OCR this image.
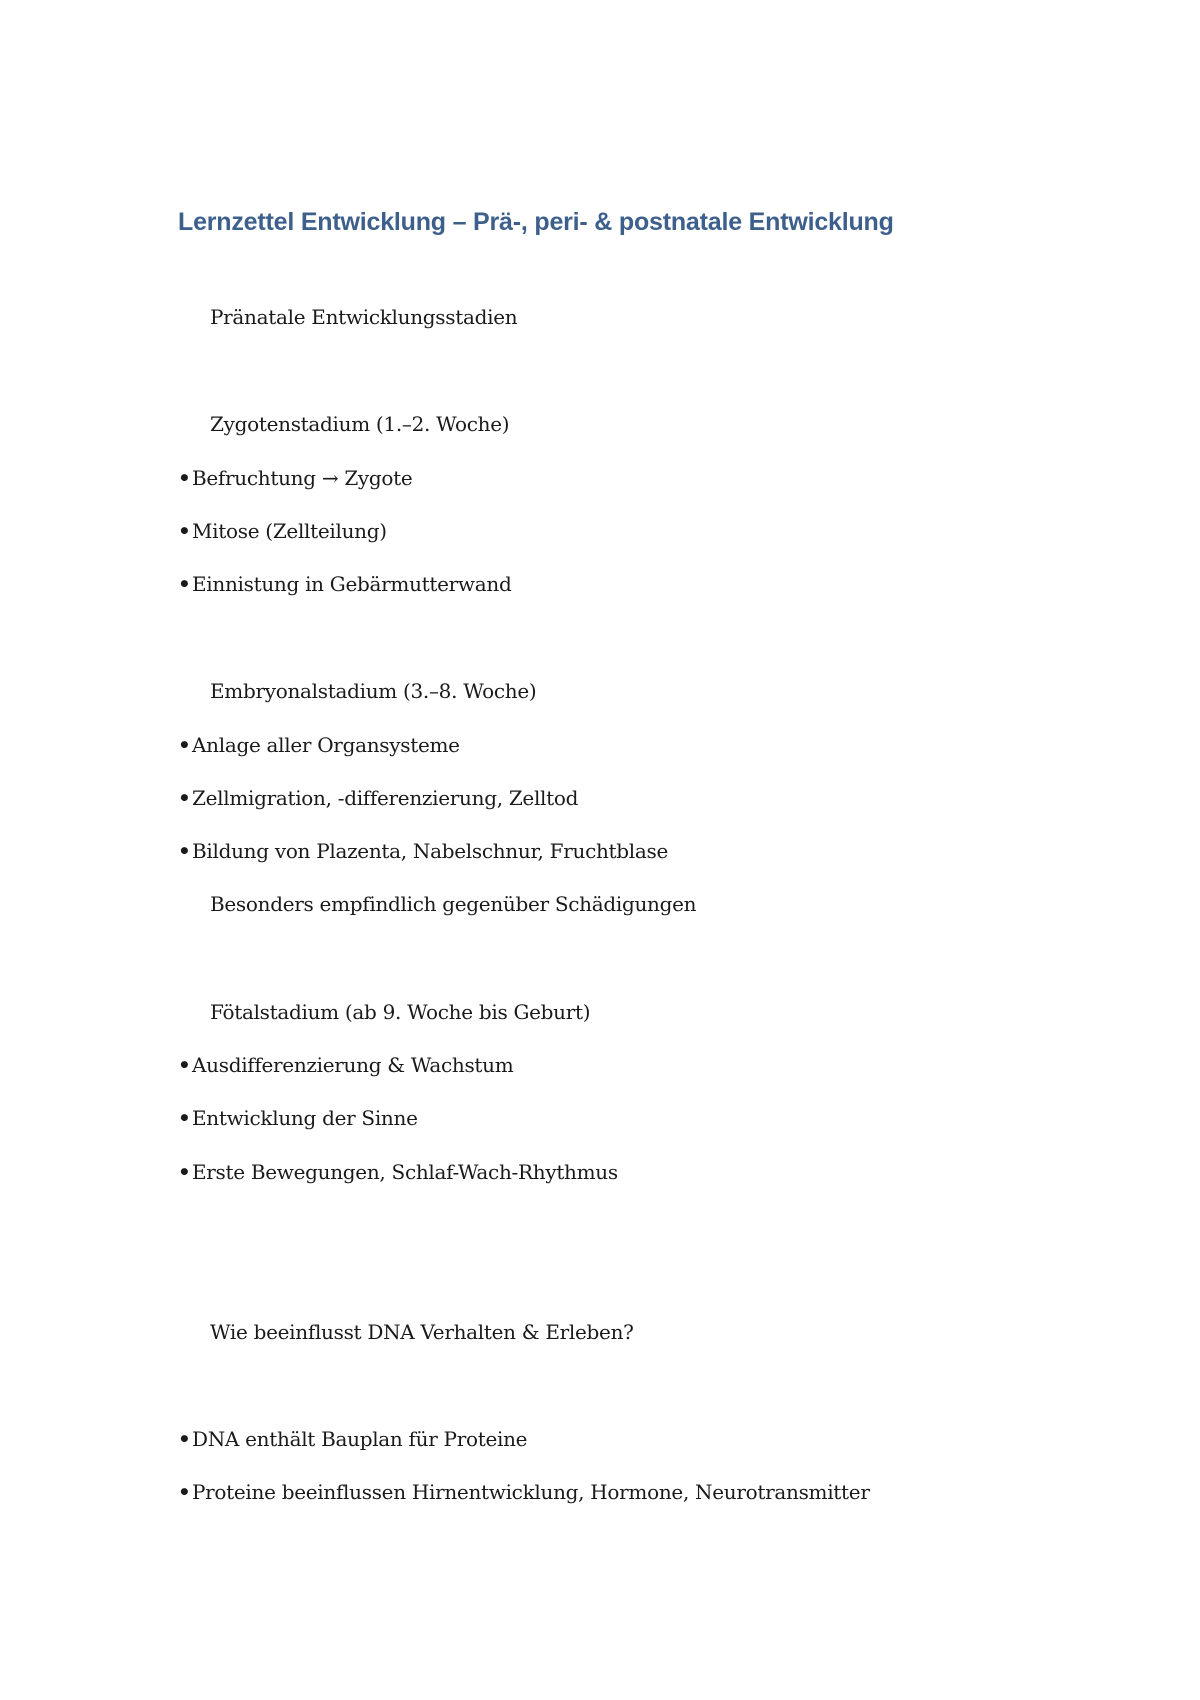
Lernzettel Entwicklung – Prä-, peri- & postnatale Entwicklung
Pränatale Entwicklungsstadien
Zygotenstadium (1.–2. Woche)
•Befruchtung → Zygote
•Mitose (Zellteilung)
•Einnistung in Gebärmutterwand
Embryonalstadium (3.–8. Woche)
•Anlage aller Organsysteme
•Zellmigration, -differenzierung, Zelltod
•Bildung von Plazenta, Nabelschnur, Fruchtblase
Besonders empfindlich gegenüber Schädigungen
Fötalstadium (ab 9. Woche bis Geburt)
•Ausdifferenzierung & Wachstum
•Entwicklung der Sinne
•Erste Bewegungen, Schlaf-Wach-Rhythmus
Wie beeinflusst DNA Verhalten & Erleben?
•DNA enthält Bauplan für Proteine
•Proteine beeinflussen Hirnentwicklung, Hormone, Neurotransmitter
